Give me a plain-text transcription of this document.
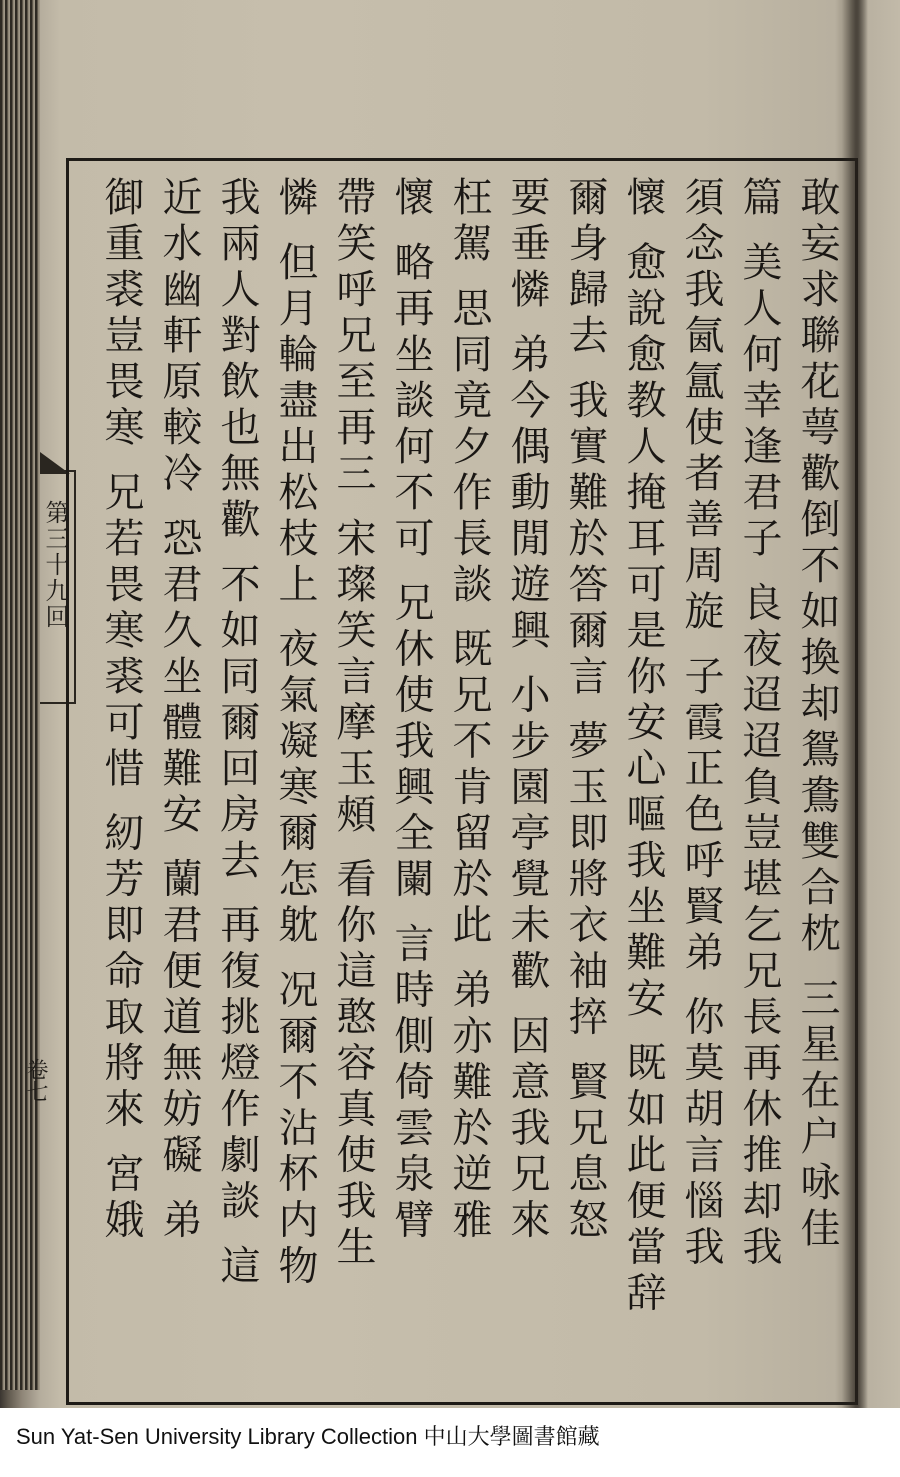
第三十九回
卷七	敢妄求聯花萼歡倒不如換却鴛鴦雙合枕 三星在户咏佳
篇 美人何幸逢君子 良夜迢迢負豈堪乞兄長再休推却我
須念我氤氲使者善周旋 子霞正色呼賢弟 你莫胡言惱我
懷 愈說愈教人掩耳可是你安心嘔我坐難安 既如此便當辞
爾身歸去 我實難於答爾言 夢玉即將衣袖捽 賢兄息怒
要垂憐 弟今偶動閒遊興 小步園亭覺未歡 因意我兄來
枉駕 思同竟夕作長談 既兄不肯留於此 弟亦難於逆雅
懷 略再坐談何不可 兄休使我興全闌 言時側倚雲泉臂
帶笑呼兄至再三 宋璨笑言摩玉頰 看你這憨容真使我生
憐 但月輪盡出松枝上 夜氣凝寒爾怎躭 况爾不沾杯内物
我兩人對飲也無歡 不如同爾回房去 再復挑燈作劇談 這
近水幽軒原較冷 恐君久坐體難安 蘭君便道無妨礙 弟
御重裘豈畏寒 兄若畏寒裘可惜 紉芳即命取將來 宮娥
Sun Yat-Sen University Library Collection 中山大學圖書館藏
